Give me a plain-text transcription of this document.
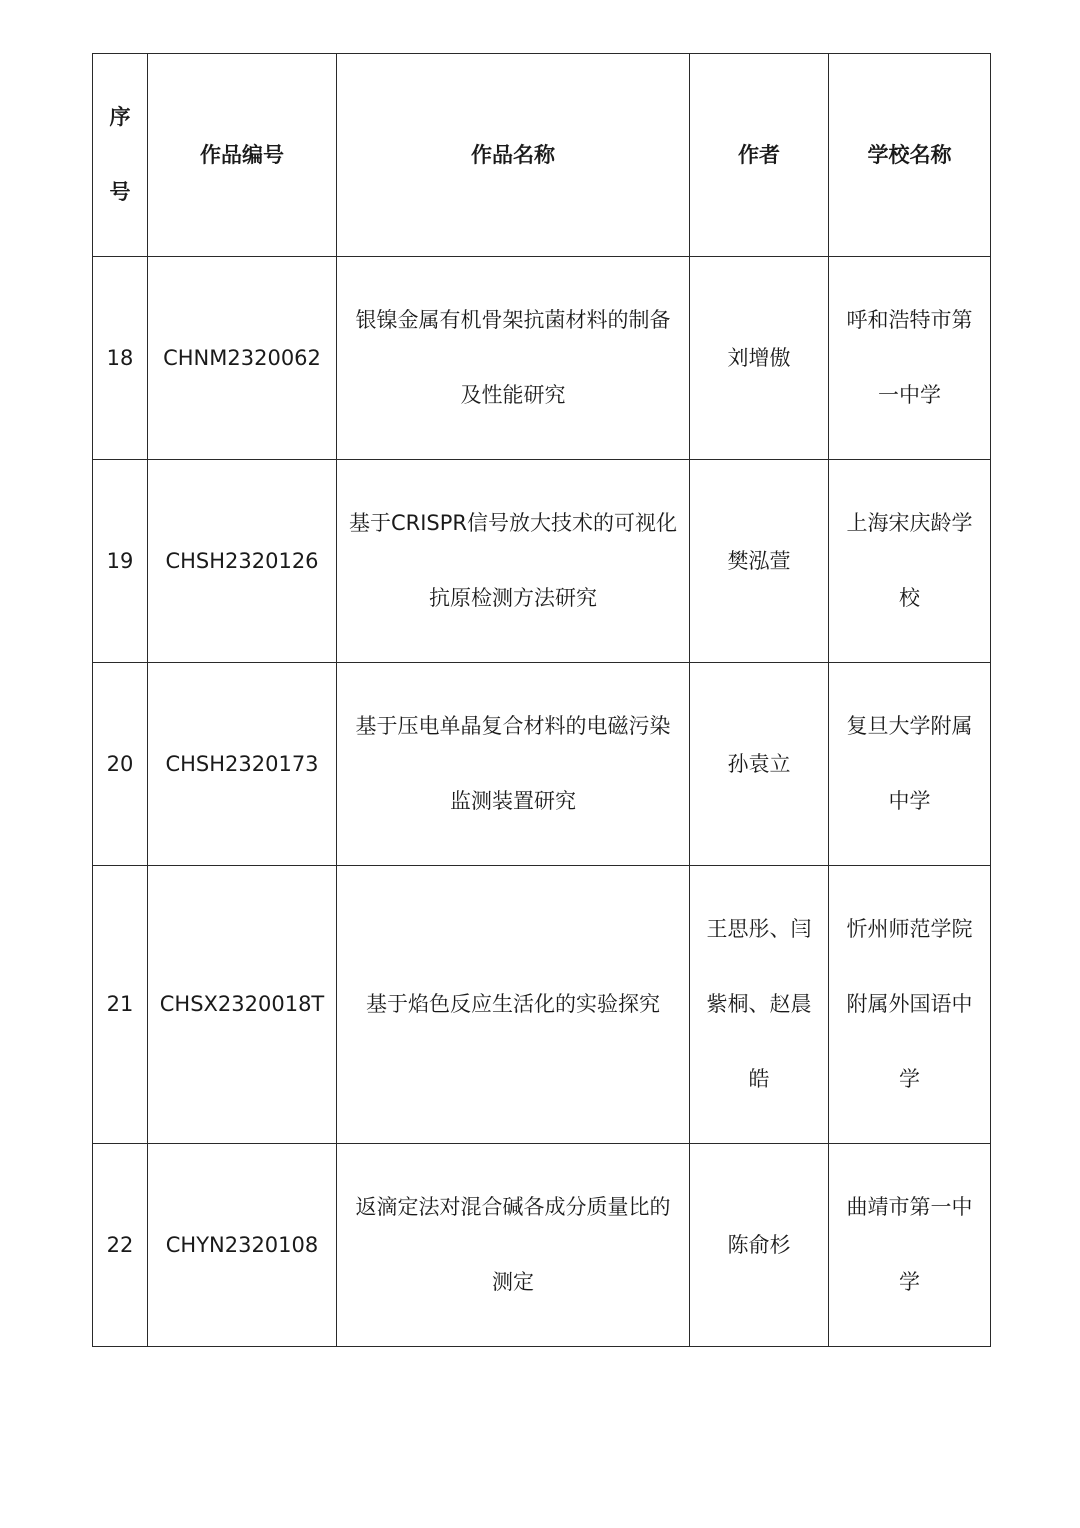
序号	作品编号	作品名称	作者	学校名称
18	CHNM2320062	银镍金属有机骨架抗菌材料的制备及性能研究	刘增傲	呼和浩特市第一中学
19	CHSH2320126	基于CRISPR信号放大技术的可视化抗原检测方法研究	樊泓萱	上海宋庆龄学校
20	CHSH2320173	基于压电单晶复合材料的电磁污染监测装置研究	孙袁立	复旦大学附属中学
21	CHSX2320018T	基于焰色反应生活化的实验探究	王思彤、闫紫桐、赵晨皓	忻州师范学院附属外国语中学
22	CHYN2320108	返滴定法对混合碱各成分质量比的测定	陈俞杉	曲靖市第一中学
